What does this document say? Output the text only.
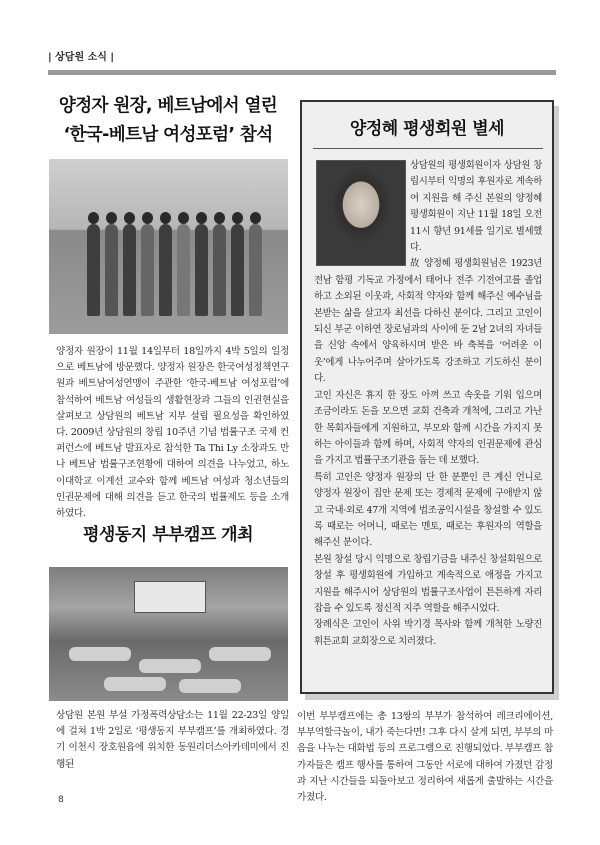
| 상담원 소식 |
양정자 원장, 베트남에서 열린
‘한국-베트남 여성포럼’ 참석

양정자 원장이 11월 14일부터 18일까지 4박 5일의 일정으로 베트남에 방문했다. 양정자 원장은 한국여성정책연구원과 베트남여성연맹이 주관한 ‘한국-베트남 여성포럼’에 참석하여 베트남 여성들의 생활현장과 그들의 인권현실을 살펴보고 상담원의 베트남 지부 설립 필요성을 확인하였다. 2009년 상담원의 창립 10주년 기념 법률구조 국제 컨퍼런스에 베트남 발표자로 참석한 Ta Thi Ly 소장과도 만나 베트남 법률구조현황에 대하여 의견을 나누었고, 하노이대학교 이계선 교수와 함께 베트남 여성과 청소년들의 인권문제에 대해 의견을 듣고 한국의 법률제도 등을 소개하였다.

평생동지 부부캠프 개최

상담원 본원 부설 가정폭력상담소는 11월 22-23일 양일에 걸쳐 1박 2일로 ‘평생동지 부부캠프’를 개최하였다. 경기 이천시 장호원읍에 위치한 동원리더스아카데미에서 진행된

양정혜 평생회원 별세
상담원의 평생회원이자 상담원 창립시부터 익명의 후원자로 계속하여 지원을 해 주신 본원의 양정혜 평생회원이 지난 11월 18일 오전 11시 향년 91세를 일기로 별세했다.
故 양정혜 평생회원님은 1923년 전남 함평 기독교 가정에서 태어나 전주 기전여고를 졸업하고 소외된 이웃과, 사회적 약자와 함께 해주신 예수님을 본받는 삶을 살고자 최선을 다하신 분이다. 그리고 고인이 되신 부군 이하연 장로님과의 사이에 둔 2남 2녀의 자녀들을 신앙 속에서 양육하시며 받은 바 축복을 ‘어려운 이웃’에게 나누어주며 살아가도록 강조하고 기도하신 분이다.
고인 자신은 휴지 한 장도 아껴 쓰고 속옷을 기워 입으며 조금이라도 돈을 모으면 교회 건축과 개척에, 그리고 가난한 목회자들에게 지원하고, 부모와 함께 시간을 가지지 못하는 아이들과 함께 하며, 사회적 약자의 인권문제에 관심을 가지고 법률구조기관을 돕는 데 보했다.
특히 고인은 양정자 원장의 단 한 분뿐인 큰 계신 언니로 양정자 원장이 집안 문제 또는 경제적 문제에 구애받지 않고 국내·외로 47개 지역에 법조공익시설을 창설할 수 있도록 때로는 어머니, 때로는 멘토, 때로는 후원자의 역할을 해주신 분이다.
본원 창설 당시 익명으로 창립기금을 내주신 창설회원으로 창설 후 평생회원에 가입하고 계속적으로 애정을 가지고 지원을 해주시어 상담원의 법률구조사업이 튼튼하게 자리잡을 수 있도록 정신적 지주 역할을 해주시었다.
장례식은 고인이 사위 박기경 목사와 함께 개척한 노량진 휘튼교회 교회장으로 치러졌다.

이번 부부캠프에는 총 13쌍의 부부가 참석하여 레크리에이션, 부부역할극놀이, 내가 죽는다면! 그후 다시 살게 되면, 부부의 마음을 나누는 대화법 등의 프로그램으로 진행되었다. 부부캠프 참가자들은 캠프 행사를 통하여 그동안 서로에 대하여 가졌던 감정과 지난 시간들을 되돌아보고 정리하여 새롭게 출발하는 시간을 가졌다.

8
